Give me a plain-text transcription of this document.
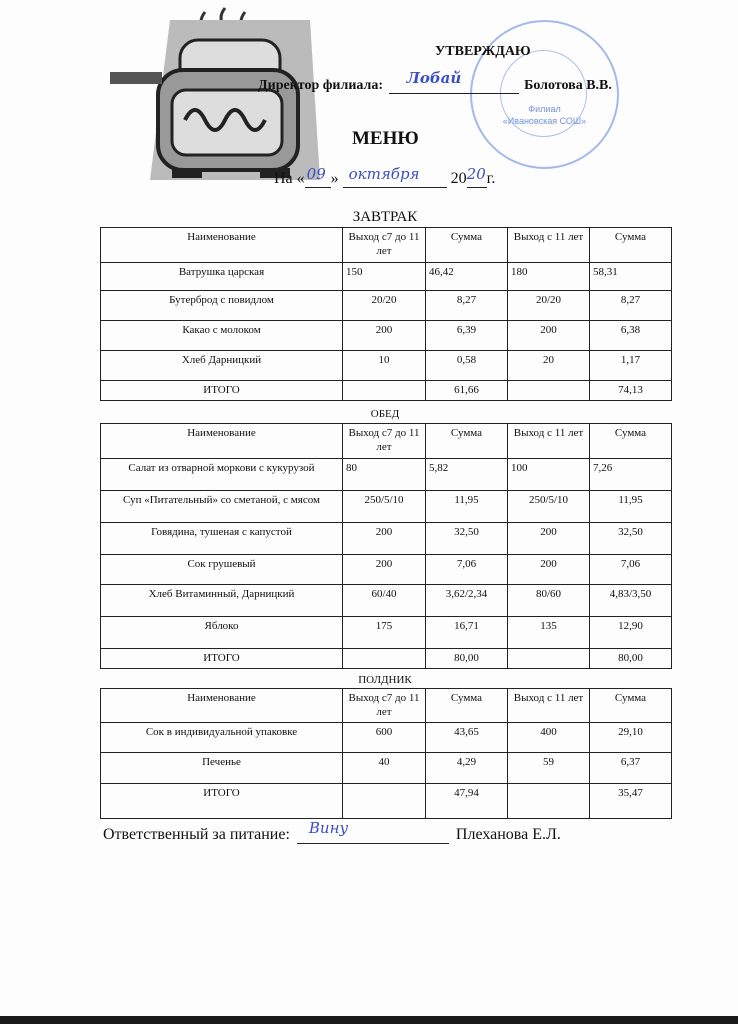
Филиал
«Ивановская СОШ»
УТВЕРЖДАЮ
Директор филиала: Лобай	Болотова В.В.
МЕНЮ
На « 09 » октября 20 20 г.
ЗАВТРАК
Наименование	Выход с7 до 11 лет	Сумма	Выход с 11 лет	Сумма
Ватрушка царская	150	46,42	180	58,31
Бутерброд с повидлом	20/20	8,27	20/20	8,27
Какао с молоком	200	6,39	200	6,38
Хлеб Дарницкий	10	0,58	20	1,17
ИТОГО		61,66		74,13
ОБЕД
Наименование	Выход с7 до 11 лет	Сумма	Выход с 11 лет	Сумма
Салат из отварной моркови с кукурузой	80	5,82	100	7,26
Суп «Питательный» со сметаной, с мясом	250/5/10	11,95	250/5/10	11,95
Говядина, тушеная с капустой	200	32,50	200	32,50
Сок грушевый	200	7,06	200	7,06
Хлеб Витаминный, Дарницкий	60/40	3,62/2,34	80/60	4,83/3,50
Яблоко	175	16,71	135	12,90
ИТОГО		80,00		80,00
ПОЛДНИК
Наименование	Выход с7 до 11 лет	Сумма	Выход с 11 лет	Сумма
Сок в индивидуальной упаковке	600	43,65	400	29,10
Печенье	40	4,29	59	6,37
ИТОГО		47,94		35,47
Ответственный за питание: Вину	Плеханова Е.Л.
